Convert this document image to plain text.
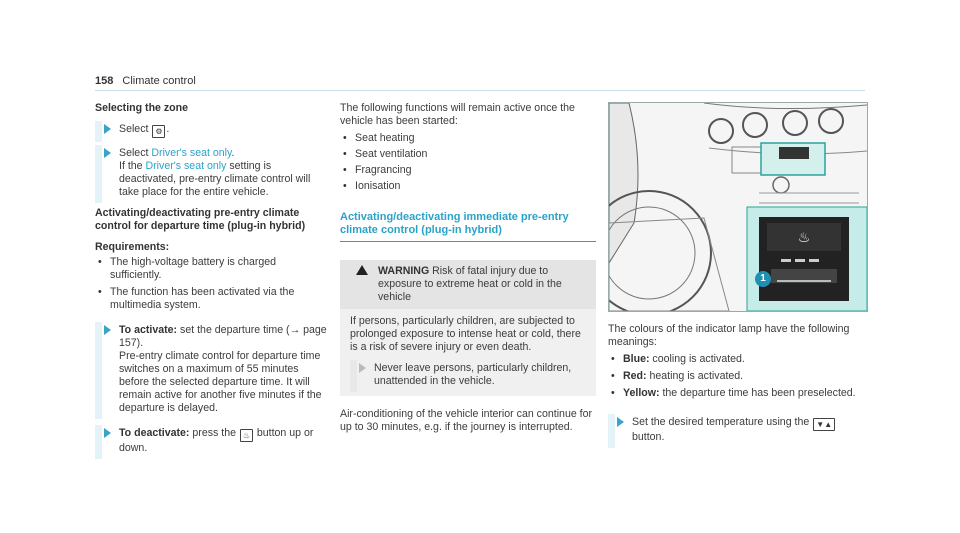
158 Climate control

Selecting the zone

Select ⚙ .
Select Driver's seat only.
If the Driver's seat only setting is deactivated, pre-entry climate control will take place for the entire vehicle.

Activating/deactivating pre-entry climate control for departure time (plug-in hybrid)

Requirements:

• The high-voltage battery is charged sufficiently.
• The function has been activated via the multimedia system.
To activate: set the departure time (→ page 157).
Pre-entry climate control for departure time switches on a maximum of 55 minutes before the selected departure time. It will remain active for another five minutes if the departure is delayed.
To deactivate: press the ♨ button up or down.

The following functions will remain active once the vehicle has been started:

• Seat heating
• Seat ventilation
• Fragrancing
• Ionisation
Activating/deactivating immediate pre-entry climate control (plug-in hybrid)
WARNING Risk of fatal injury due to exposure to extreme heat or cold in the vehicle

If persons, particularly children, are subjected to prolonged exposure to intense heat or cold, there is a risk of severe injury or even death.

Never leave persons, particularly children, unattended in the vehicle.

Air-conditioning of the vehicle interior can continue for up to 30 minutes, e.g. if the journey is interrupted.

♨
1

The colours of the indicator lamp have the following meanings:

• Blue: cooling is activated.
• Red: heating is activated.
• Yellow: the departure time has been preselected.
Set the desired temperature using the ▼▲
button.
